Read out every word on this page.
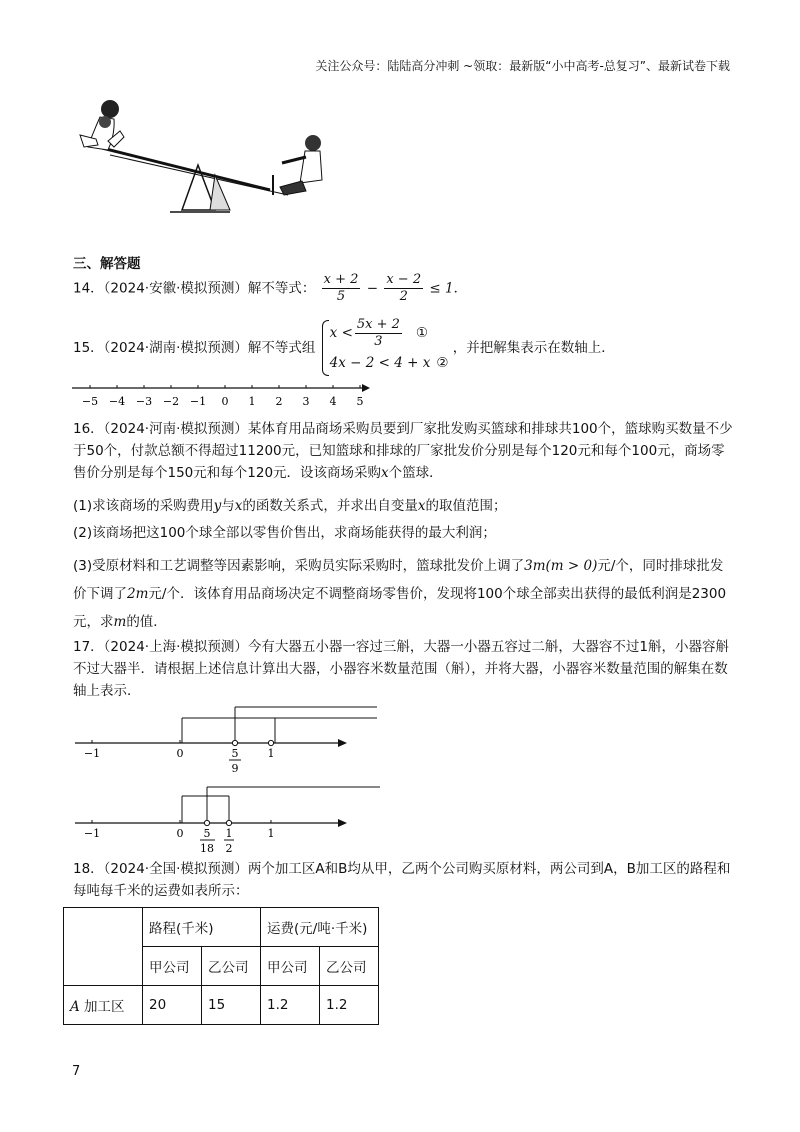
关注公众号：陆陆高分冲刺 ~领取：最新版“小中高考-总复习”、最新试卷下载
三、解答题
14．（2024·安徽·模拟预测）解不等式： $\frac{x + 2}{5} - \frac{x - 2}{2} \le 1$．
15．（2024·湖南·模拟预测）解不等式组
$x < \frac{5x + 2}{3}$ ①
4x − 2 < 4 + x ②
，并把解集表示在数轴上．
−5 −4 −3 −2 −1 0 1 2 3 4 5
16．（2024·河南·模拟预测）某体育用品商场采购员要到厂家批发购买篮球和排球共100个，篮球购买数量不少于50个，付款总额不得超过11200元，已知篮球和排球的厂家批发价分别是每个120元和每个100元，商场零售价分别是每个150元和每个120元．设该商场采购x个篮球．
(1)求该商场的采购费用y与x的函数关系式，并求出自变量x的取值范围；
(2)该商场把这100个球全部以零售价售出，求商场能获得的最大利润；
(3)受原材料和工艺调整等因素影响，采购员实际采购时，篮球批发价上调了3m(m > 0)元/个，同时排球批发价下调了2m元/个．该体育用品商场决定不调整商场零售价，发现将100个球全部卖出获得的最低利润是2300元，求m的值．
17．（2024·上海·模拟预测）今有大器五小器一容过三斛，大器一小器五容过二斛，大器容不过1斛，小器容斛不过大器半．请根据上述信息计算出大器，小器容米数量范围（斛），并将大器，小器容米数量范围的解集在数轴上表示．
−1	0	1
5
9
−1	0	1
5
18
1
2
18．（2024·全国·模拟预测）两个加工区A和B均从甲，乙两个公司购买原材料，两公司到A，B加工区的路程和每吨每千米的运费如表所示：
	路程(千米)		运费(元/吨·千米)	
	甲公司	乙公司	甲公司	乙公司
A 加工区	20	15	1.2	1.2
7
